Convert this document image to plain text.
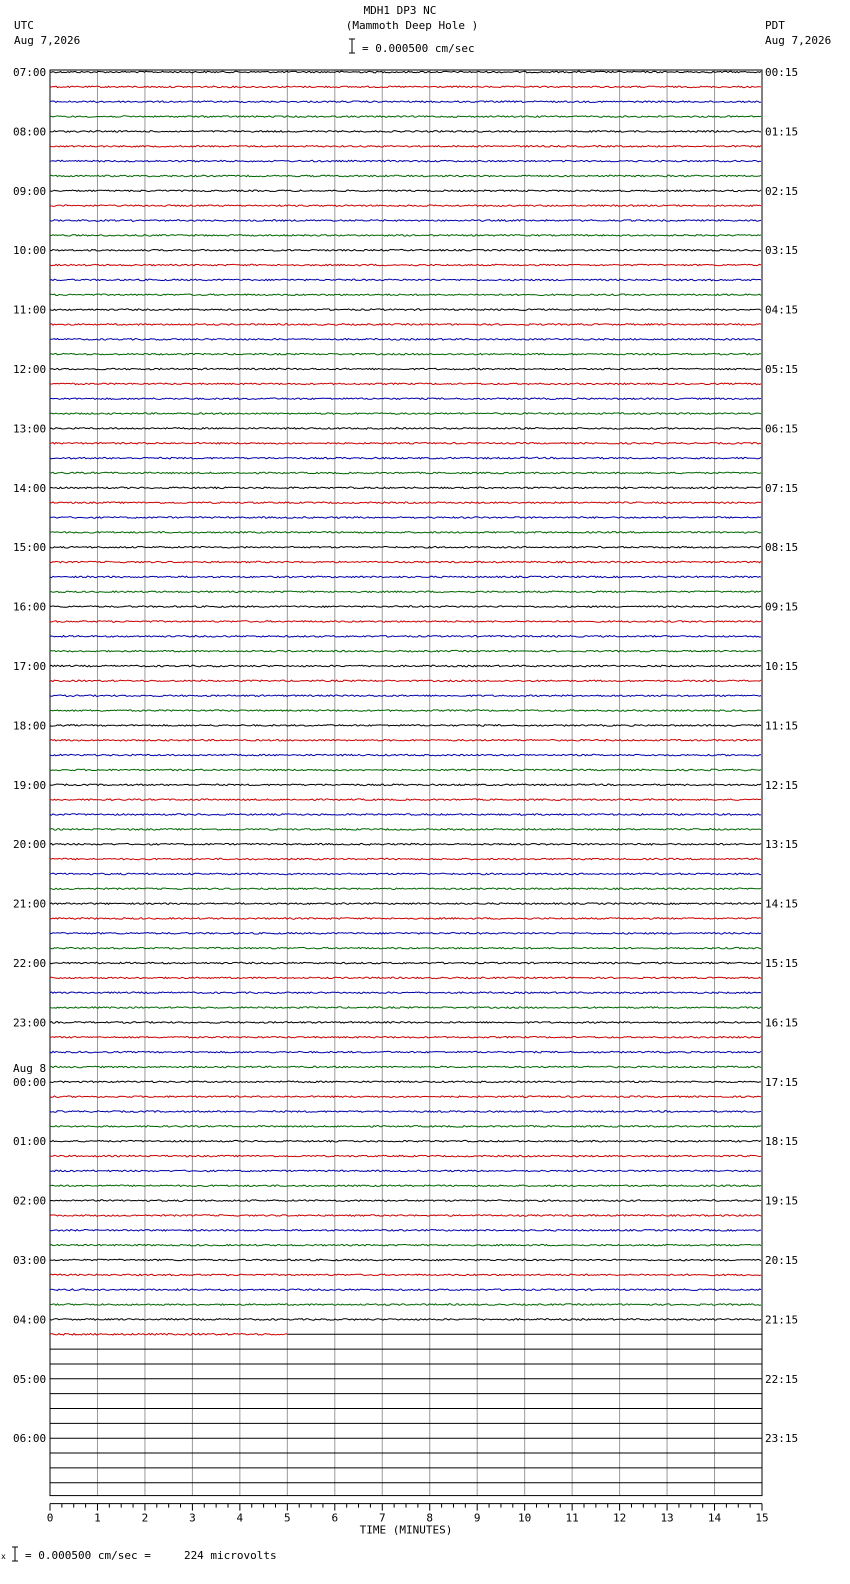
MDH1 DP3 NC
(Mammoth Deep Hole )
= 0.000500 cm/sec
UTC
Aug 7,2026
PDT
Aug 7,2026
= 0.000500 cm/sec =     224 microvolts
x
0	1	2	3	4	5	6	7	8	9	10	11	12	13	14	15
TIME (MINUTES)
07:00
08:00
09:00
10:00
11:00
12:00
13:00
14:00
15:00
16:00
17:00
18:00
19:00
20:00
21:00
22:00
23:00
00:00
01:00
02:00
03:00
04:00
05:00
06:00
00:15
01:15
02:15
03:15
04:15
05:15
06:15
07:15
08:15
09:15
10:15
11:15
12:15
13:15
14:15
15:15
16:15
17:15
18:15
19:15
20:15
21:15
22:15
23:15
Aug 8
